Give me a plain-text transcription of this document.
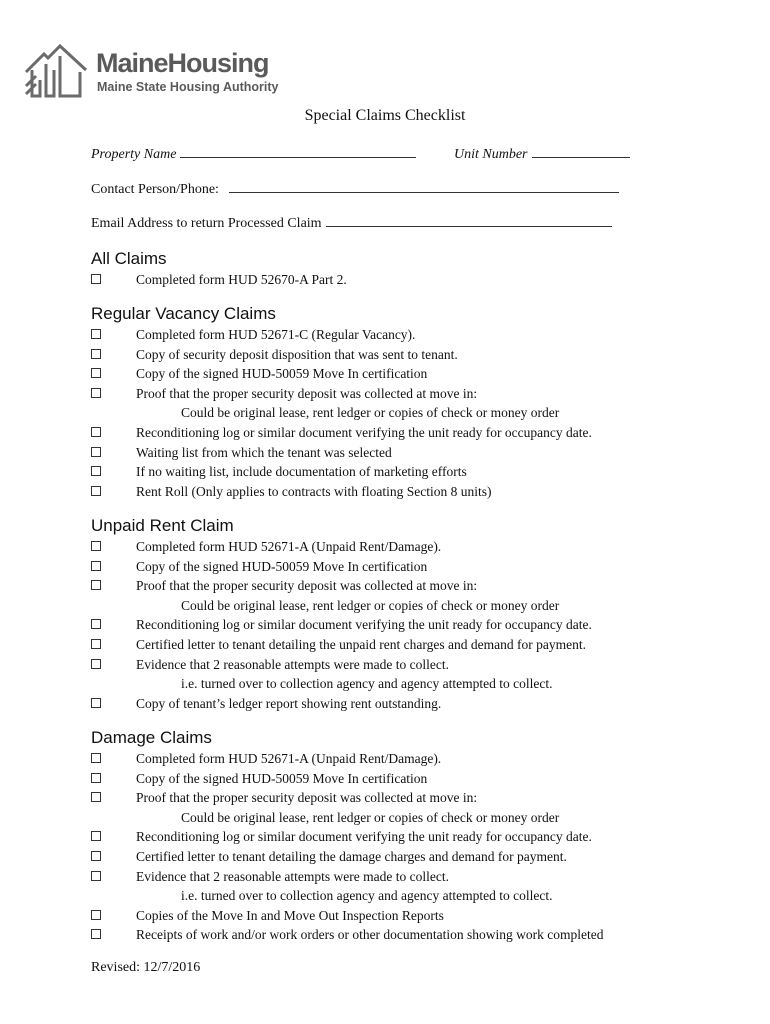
MaineHousing
Maine State Housing Authority
Special Claims Checklist
Property Name	Unit Number
Contact Person/Phone:
Email Address to return Processed Claim
All Claims
Completed form HUD 52670-A Part 2.
Regular Vacancy Claims
Completed form HUD 52671-C (Regular Vacancy).
Copy of security deposit disposition that was sent to tenant.
Copy of the signed HUD-50059 Move In certification
Proof that the proper security deposit was collected at move in:
Could be original lease, rent ledger or copies of check or money order
Reconditioning log or similar document verifying the unit ready for occupancy date.
Waiting list from which the tenant was selected
If no waiting list, include documentation of marketing efforts
Rent Roll (Only applies to contracts with floating Section 8 units)
Unpaid Rent Claim
Completed form HUD 52671-A (Unpaid Rent/Damage).
Copy of the signed HUD-50059 Move In certification
Proof that the proper security deposit was collected at move in:
Could be original lease, rent ledger or copies of check or money order
Reconditioning log or similar document verifying the unit ready for occupancy date.
Certified letter to tenant detailing the unpaid rent charges and demand for payment.
Evidence that 2 reasonable attempts were made to collect.
i.e. turned over to collection agency and agency attempted to collect.
Copy of tenant’s ledger report showing rent outstanding.
Damage Claims
Completed form HUD 52671-A (Unpaid Rent/Damage).
Copy of the signed HUD-50059 Move In certification
Proof that the proper security deposit was collected at move in:
Could be original lease, rent ledger or copies of check or money order
Reconditioning log or similar document verifying the unit ready for occupancy date.
Certified letter to tenant detailing the damage charges and demand for payment.
Evidence that 2 reasonable attempts were made to collect.
i.e. turned over to collection agency and agency attempted to collect.
Copies of the Move In and Move Out Inspection Reports
Receipts of work and/or work orders or other documentation showing work completed
Revised: 12/7/2016
